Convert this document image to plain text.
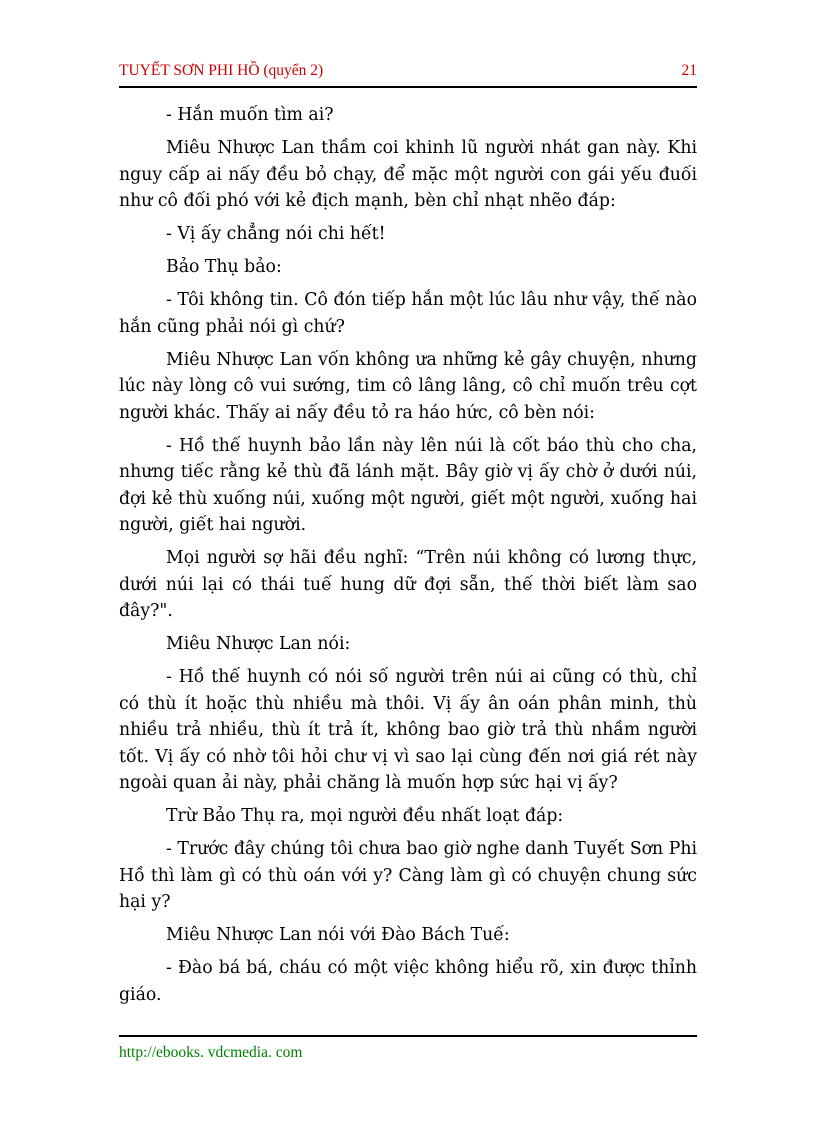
TUYẾT SƠN PHI HỒ (quyển 2)	21

- Hắn muốn tìm ai?

Miêu Nhược Lan thầm coi khinh lũ người nhát gan này. Khi nguy cấp ai nấy đều bỏ chạy, để mặc một người con gái yếu đuối như cô đối phó với kẻ địch mạnh, bèn chỉ nhạt nhẽo đáp:

- Vị ấy chẳng nói chi hết!

Bảo Thụ bảo:

- Tôi không tin. Cô đón tiếp hắn một lúc lâu như vậy, thế nào hắn cũng phải nói gì chứ?

Miêu Nhược Lan vốn không ưa những kẻ gây chuyện, nhưng lúc này lòng cô vui sướng, tim cô lâng lâng, cô chỉ muốn trêu cợt người khác. Thấy ai nấy đều tỏ ra háo hức, cô bèn nói:

- Hồ thế huynh bảo lần này lên núi là cốt báo thù cho cha, nhưng tiếc rằng kẻ thù đã lánh mặt. Bây giờ vị ấy chờ ở dưới núi, đợi kẻ thù xuống núi, xuống một người, giết một người, xuống hai người, giết hai người.

Mọi người sợ hãi đều nghĩ: “Trên núi không có lương thực, dưới núi lại có thái tuế hung dữ đợi sẵn, thế thời biết làm sao đây?".

Miêu Nhược Lan nói:

- Hồ thế huynh có nói số người trên núi ai cũng có thù, chỉ có thù ít hoặc thù nhiều mà thôi. Vị ấy ân oán phân minh, thù nhiều trả nhiều, thù ít trả ít, không bao giờ trả thù nhầm người tốt. Vị ấy có nhờ tôi hỏi chư vị vì sao lại cùng đến nơi giá rét này ngoài quan ải này, phải chăng là muốn hợp sức hại vị ấy?

Trừ Bảo Thụ ra, mọi người đều nhất loạt đáp:

- Trước đây chúng tôi chưa bao giờ nghe danh Tuyết Sơn Phi Hồ thì làm gì có thù oán với y? Càng làm gì có chuyện chung sức hại y?

Miêu Nhược Lan nói với Đào Bách Tuế:

- Đào bá bá, cháu có một việc không hiểu rõ, xin được thỉnh giáo.

http://ebooks. vdcmedia. com
